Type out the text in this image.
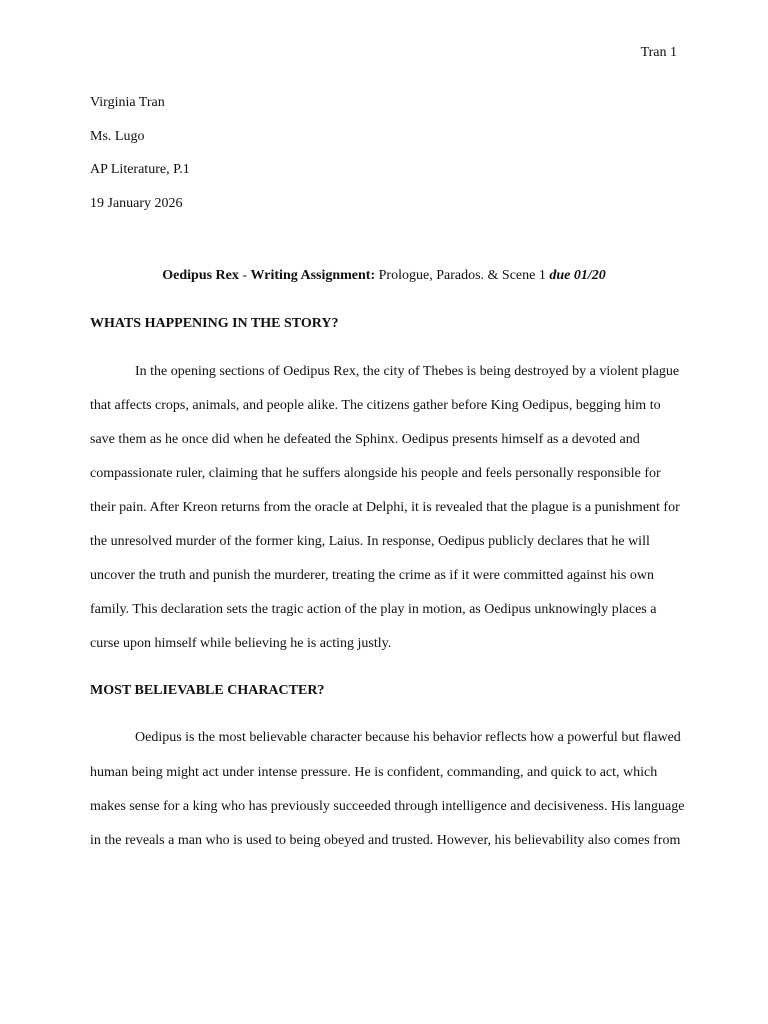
Tran 1
Virginia Tran
Ms. Lugo
AP Literature, P.1
19 January 2026
Oedipus Rex - Writing Assignment: Prologue, Parados. & Scene 1 due 01/20
WHATS HAPPENING IN THE STORY?
In the opening sections of Oedipus Rex, the city of Thebes is being destroyed by a violent plague
that affects crops, animals, and people alike. The citizens gather before King Oedipus, begging him to
save them as he once did when he defeated the Sphinx. Oedipus presents himself as a devoted and
compassionate ruler, claiming that he suffers alongside his people and feels personally responsible for
their pain. After Kreon returns from the oracle at Delphi, it is revealed that the plague is a punishment for
the unresolved murder of the former king, Laius. In response, Oedipus publicly declares that he will
uncover the truth and punish the murderer, treating the crime as if it were committed against his own
family. This declaration sets the tragic action of the play in motion, as Oedipus unknowingly places a
curse upon himself while believing he is acting justly.
MOST BELIEVABLE CHARACTER?
Oedipus is the most believable character because his behavior reflects how a powerful but flawed
human being might act under intense pressure. He is confident, commanding, and quick to act, which
makes sense for a king who has previously succeeded through intelligence and decisiveness. His language
in the reveals a man who is used to being obeyed and trusted. However, his believability also comes from
